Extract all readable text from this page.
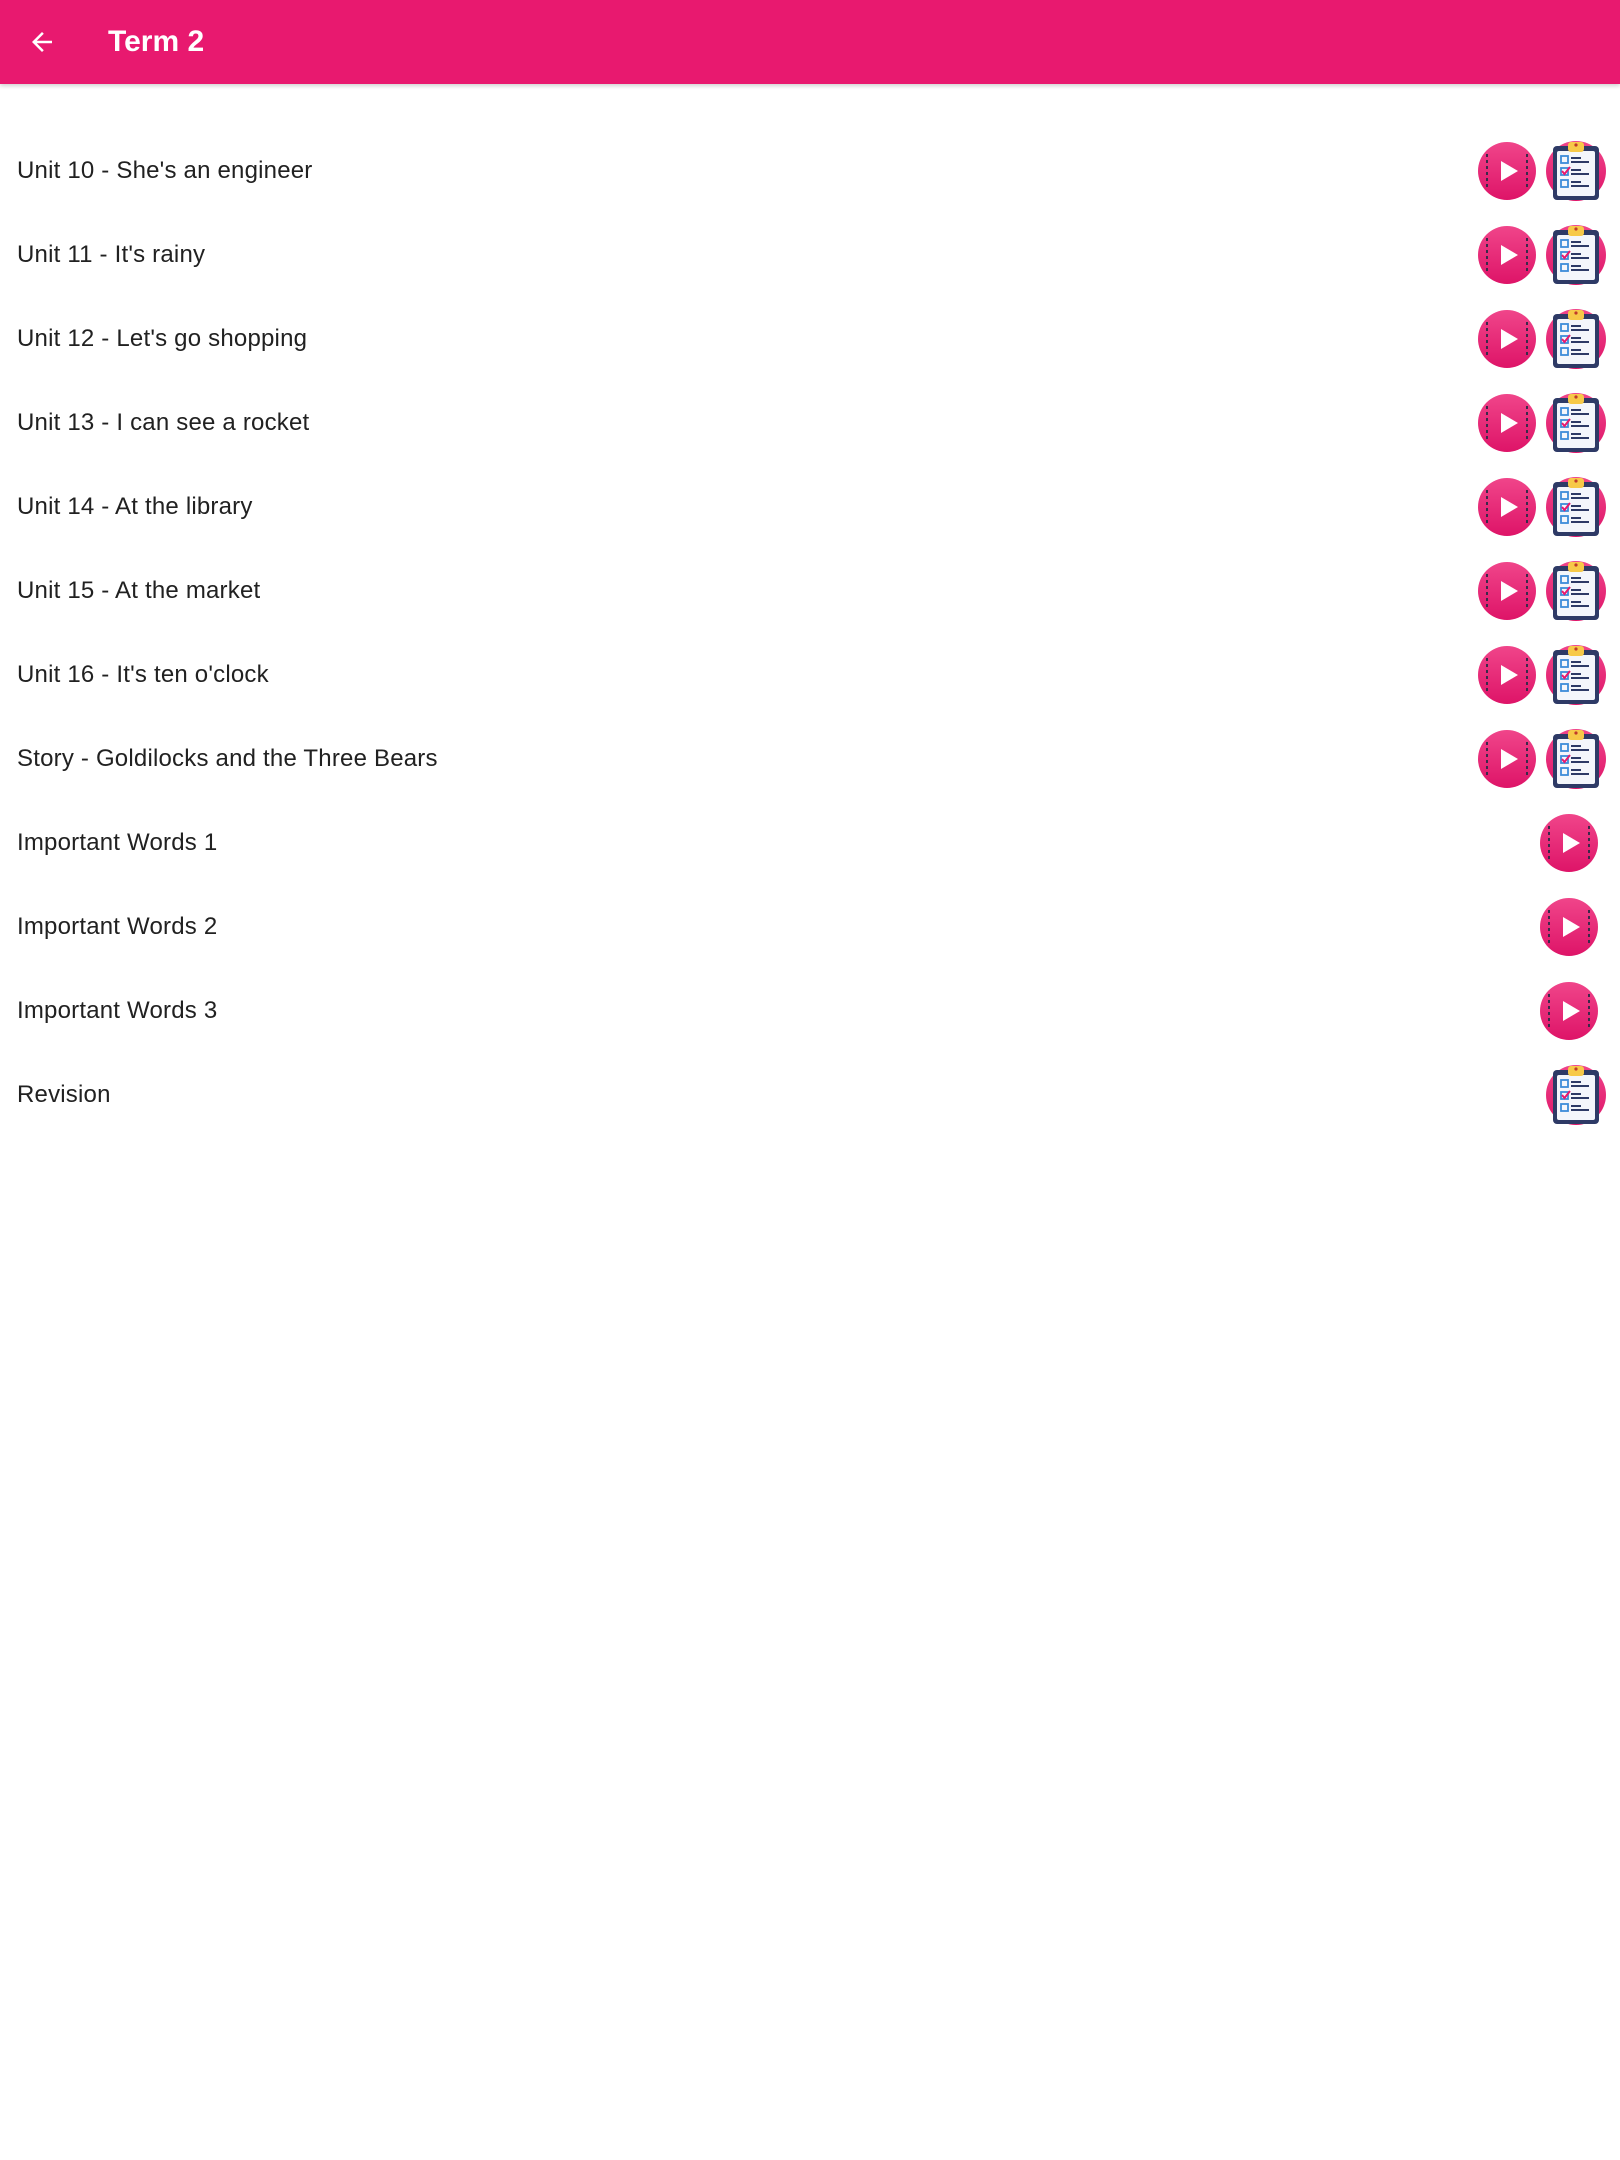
Term 2
Unit 10 - She's an engineer
Unit 11 - It's rainy
Unit 12 - Let's go shopping
Unit 13 - I can see a rocket
Unit 14 - At the library
Unit 15 - At the market
Unit 16 - It's ten o'clock
Story - Goldilocks and the Three Bears
Important Words 1
Important Words 2
Important Words 3
Revision
